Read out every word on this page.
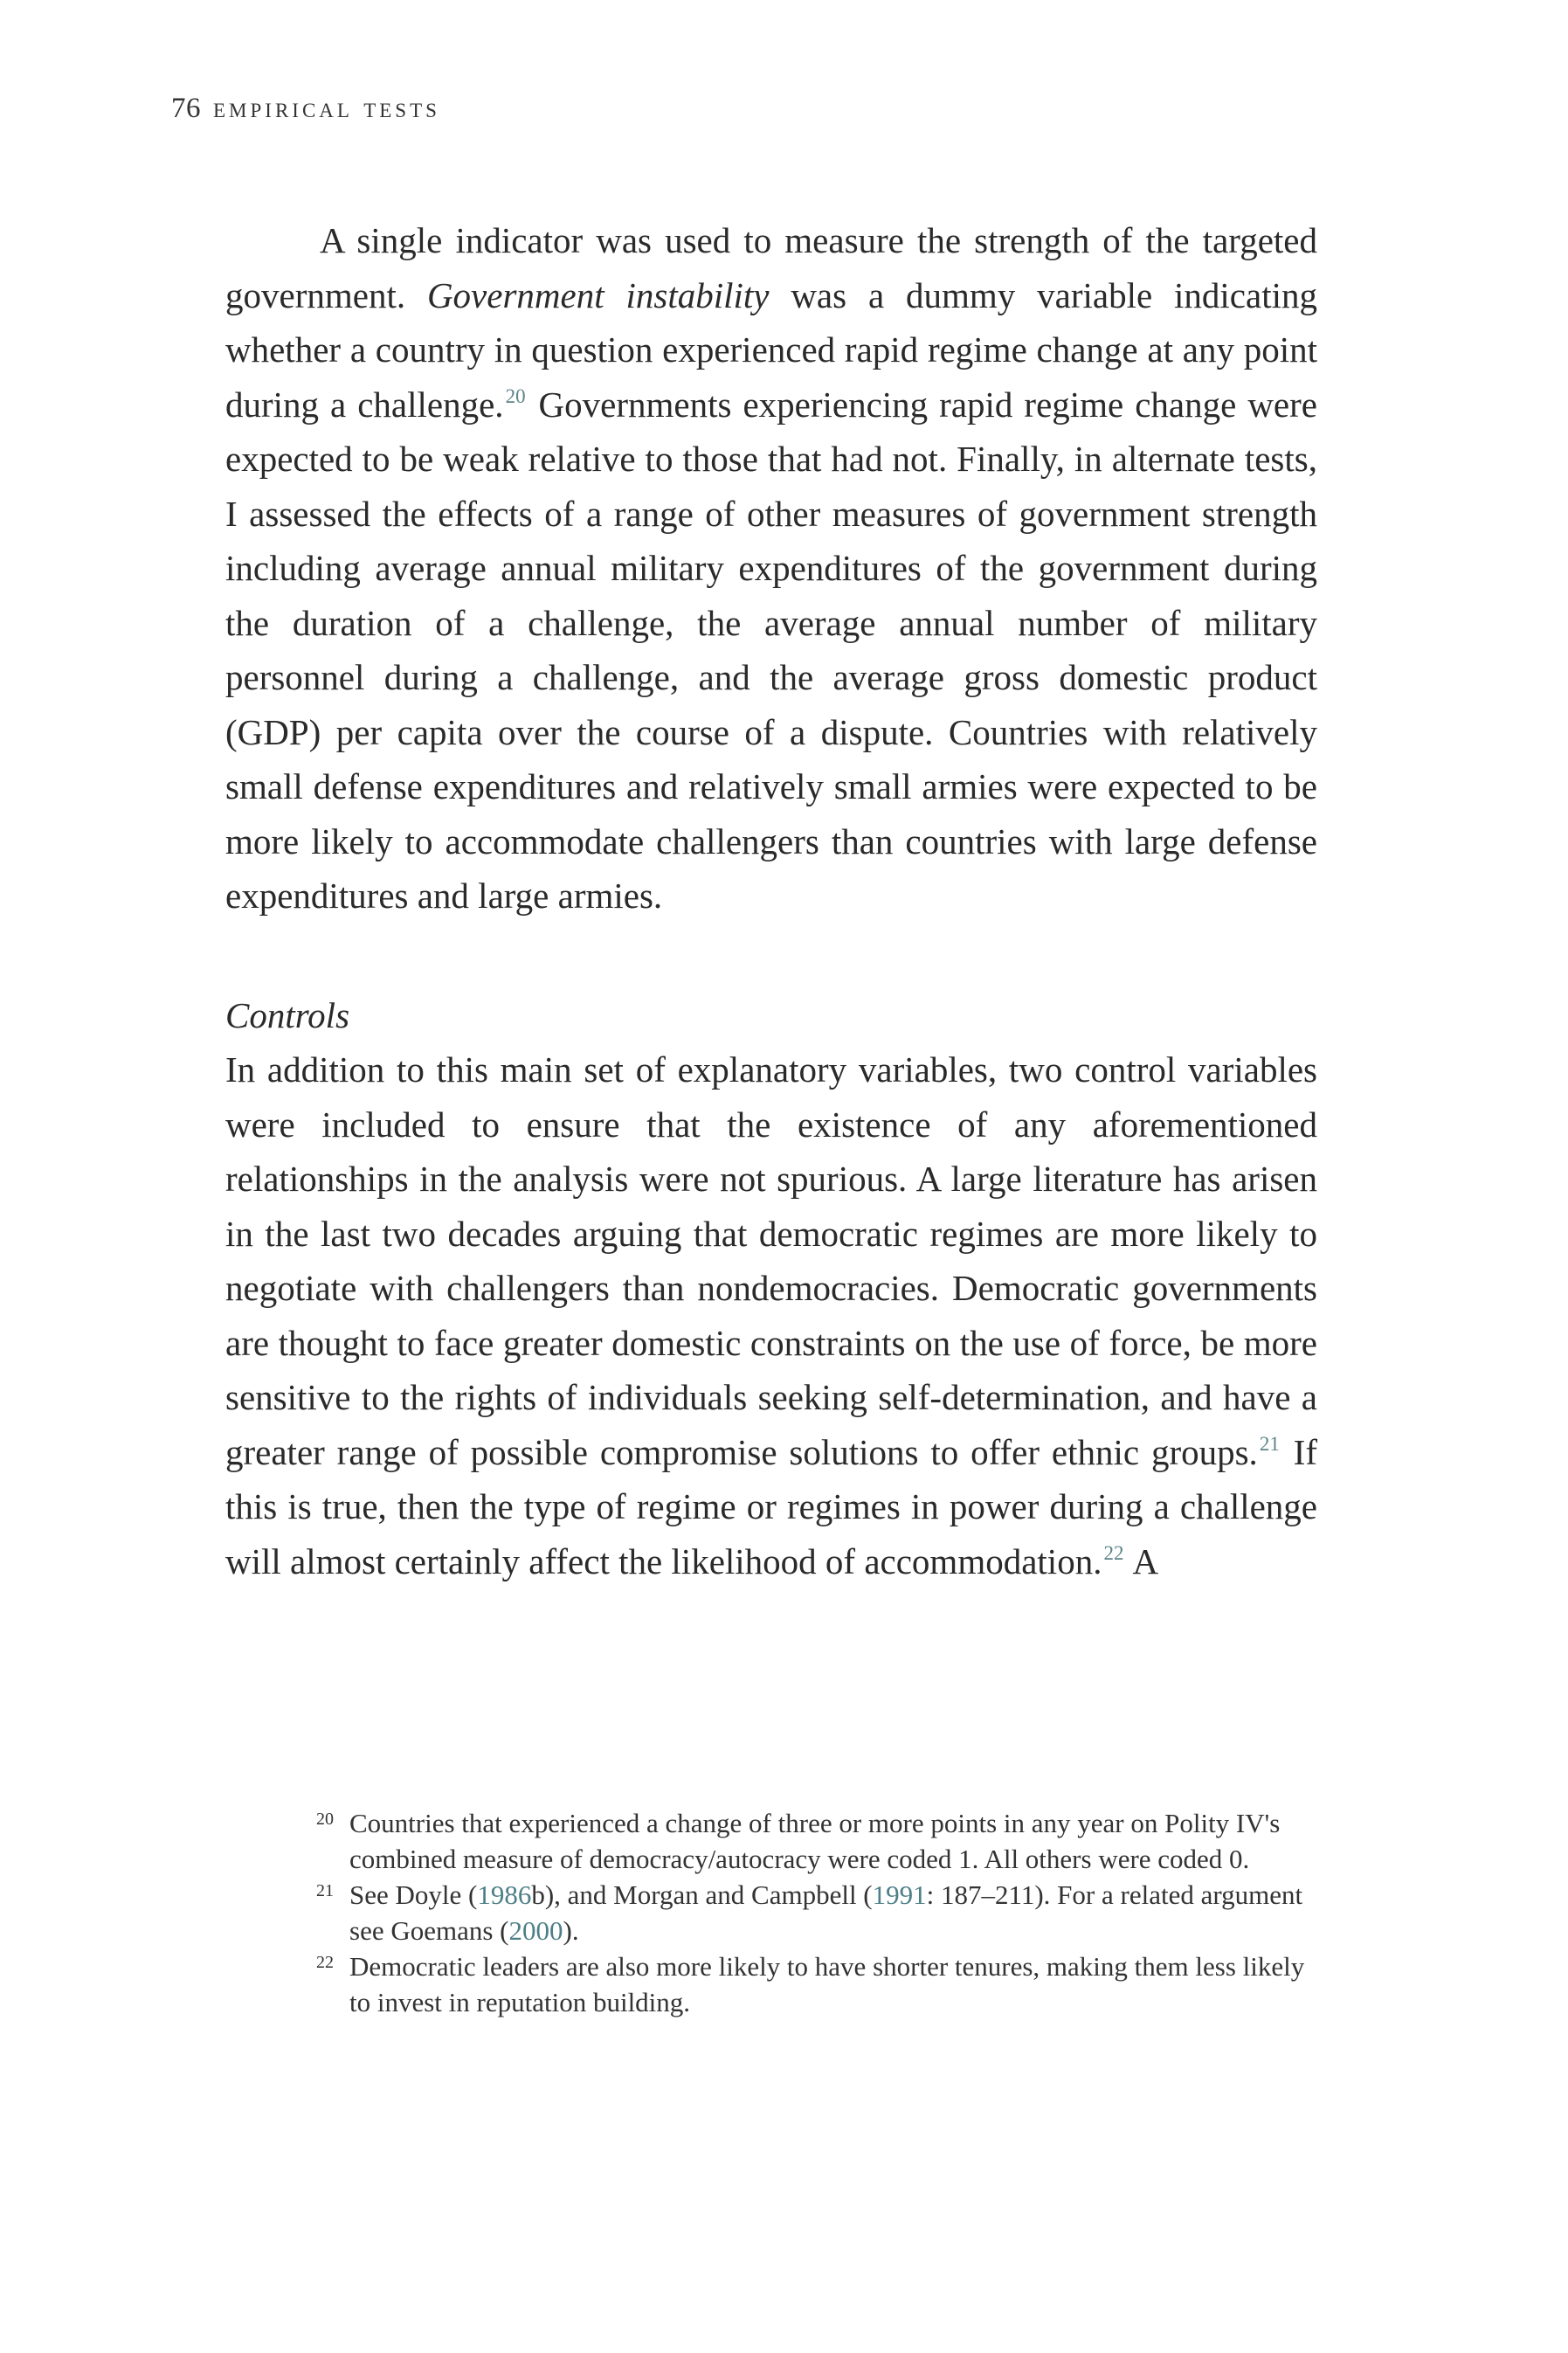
76 empirical tests

A single indicator was used to measure the strength of the targeted government. Government instability was a dummy variable indicating whether a country in question experienced rapid regime change at any point during a challenge.$^{20}$ Governments experiencing rapid regime change were expected to be weak relative to those that had not. Finally, in alternate tests, I assessed the effects of a range of other measures of government strength including average annual military expenditures of the government during the duration of a challenge, the average annual number of military personnel during a challenge, and the average gross domestic product (GDP) per capita over the course of a dispute. Countries with relatively small defense expenditures and relatively small armies were expected to be more likely to accommodate challengers than countries with large defense expenditures and large armies.

Controls

In addition to this main set of explanatory variables, two control variables were included to ensure that the existence of any aforementioned relationships in the analysis were not spurious. A large literature has arisen in the last two decades arguing that democratic regimes are more likely to negotiate with challengers than nondemocracies. Democratic governments are thought to face greater domestic constraints on the use of force, be more sensitive to the rights of individuals seeking self-determination, and have a greater range of possible compromise solutions to offer ethnic groups.$^{21}$ If this is true, then the type of regime or regimes in power during a challenge will almost certainly affect the likelihood of accommodation.$^{22}$ A

20 Countries that experienced a change of three or more points in any year on Polity IV's combined measure of democracy/autocracy were coded 1. All others were coded 0.

21 See Doyle (1986b), and Morgan and Campbell (1991: 187–211). For a related argument see Goemans (2000).

22 Democratic leaders are also more likely to have shorter tenures, making them less likely to invest in reputation building.
